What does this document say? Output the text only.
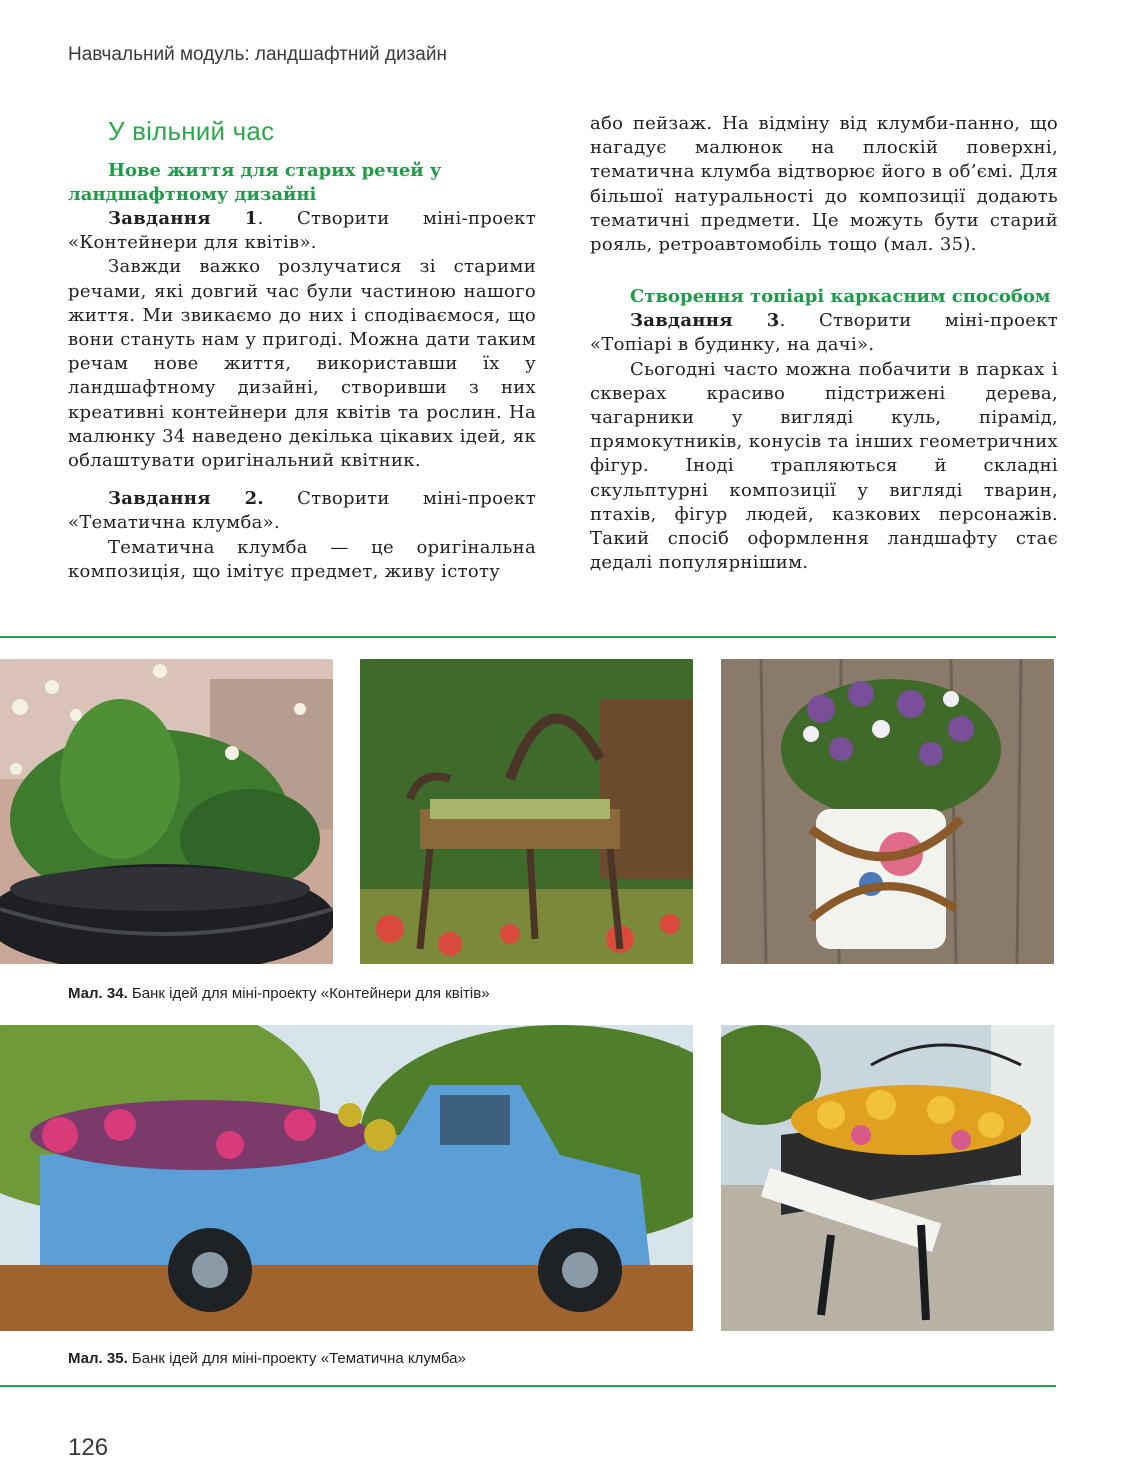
Навчальний модуль: ландшафтний дизайн
У вільний час
Нове життя для старих речей у ландшафтному дизайні

Завдання 1. Створити міні-проект «Контейнери для квітів».

Завжди важко розлучатися зі старими речами, які довгий час були частиною нашого життя. Ми звикаємо до них і сподіваємося, що вони стануть нам у пригоді. Можна дати таким речам нове життя, використавши їх у ландшафтному дизайні, створивши з них креативні контейнери для квітів та рослин. На малюнку 34 наведено декілька цікавих ідей, як облаштувати оригінальний квітник.

Завдання 2. Створити міні-проект «Тематична клумба».

Тематична клумба — це оригінальна композиція, що імітує предмет, живу істоту

або пейзаж. На відміну від клумби-панно, що нагадує малюнок на плоскій поверхні, тематична клумба відтворює його в об’ємі. Для більшої натуральності до композиції додають тематичні предмети. Це можуть бути старий рояль, ретроавтомобіль тощо (мал. 35).

Створення топіарі каркасним способом

Завдання 3. Створити міні-проект «Топіарі в будинку, на дачі».

Сьогодні часто можна побачити в парках і скверах красиво підстрижені дерева, чагарники у вигляді куль, пірамід, прямокутників, конусів та інших геометричних фігур. Іноді трапляються й складні скульптурні композиції у вигляді тварин, птахів, фігур людей, казкових персонажів. Такий спосіб оформлення ландшафту стає дедалі популярнішим.

Мал. 34. Банк ідей для міні-проекту «Контейнери для квітів»
Мал. 35. Банк ідей для міні-проекту «Тематична клумба»
126
